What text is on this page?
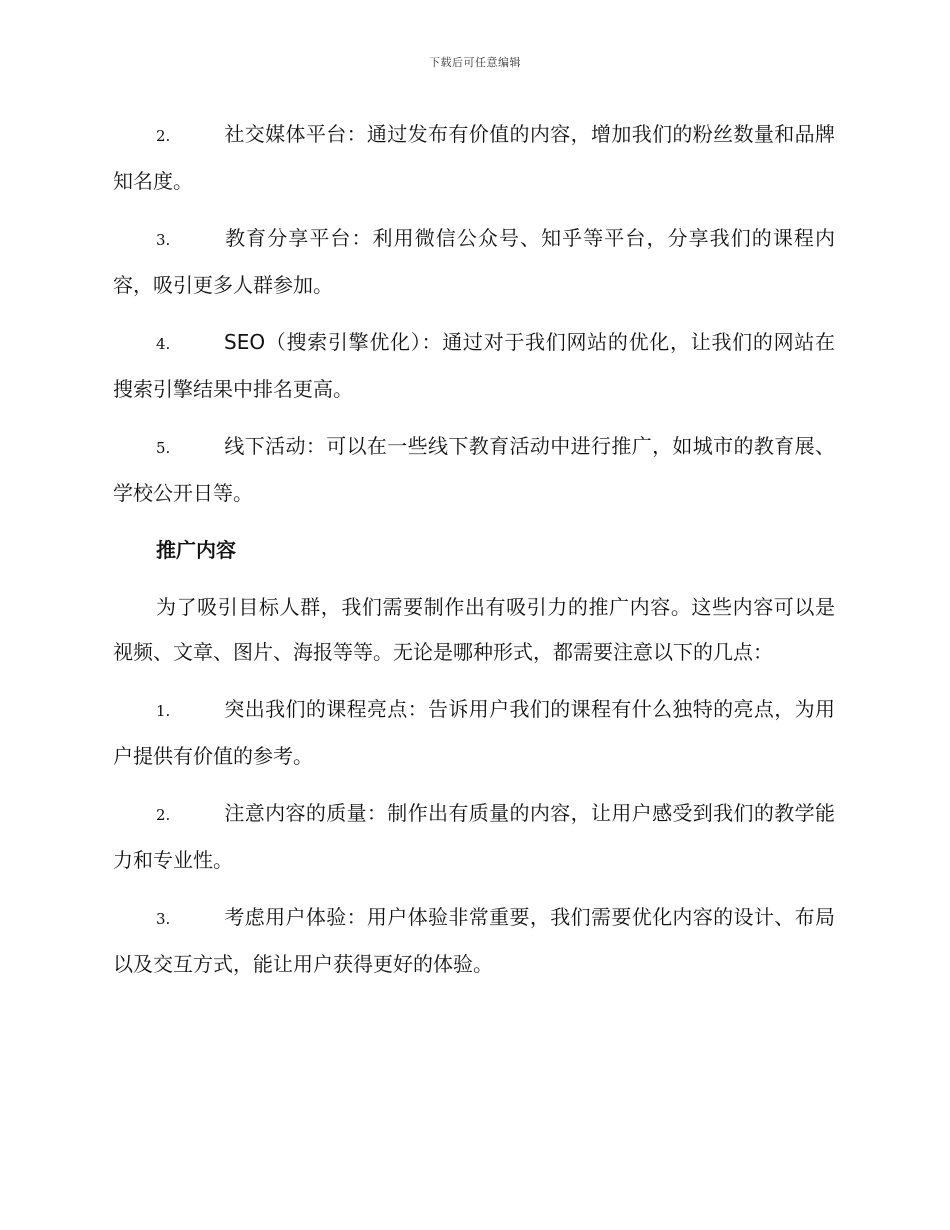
下载后可任意编辑
2.	社交媒体平台：通过发布有价值的内容，增加我们的粉丝数量和品牌知名度。
3.	教育分享平台：利用微信公众号、知乎等平台，分享我们的课程内容，吸引更多人群参加。
4.	SEO（搜索引擎优化）：通过对于我们网站的优化，让我们的网站在搜索引擎结果中排名更高。
5.	线下活动：可以在一些线下教育活动中进行推广，如城市的教育展、学校公开日等。
推广内容
为了吸引目标人群，我们需要制作出有吸引力的推广内容。这些内容可以是视频、文章、图片、海报等等。无论是哪种形式，都需要注意以下的几点：
1.	突出我们的课程亮点：告诉用户我们的课程有什么独特的亮点，为用户提供有价值的参考。
2.	注意内容的质量：制作出有质量的内容，让用户感受到我们的教学能力和专业性。
3.	考虑用户体验：用户体验非常重要，我们需要优化内容的设计、布局以及交互方式，能让用户获得更好的体验。
